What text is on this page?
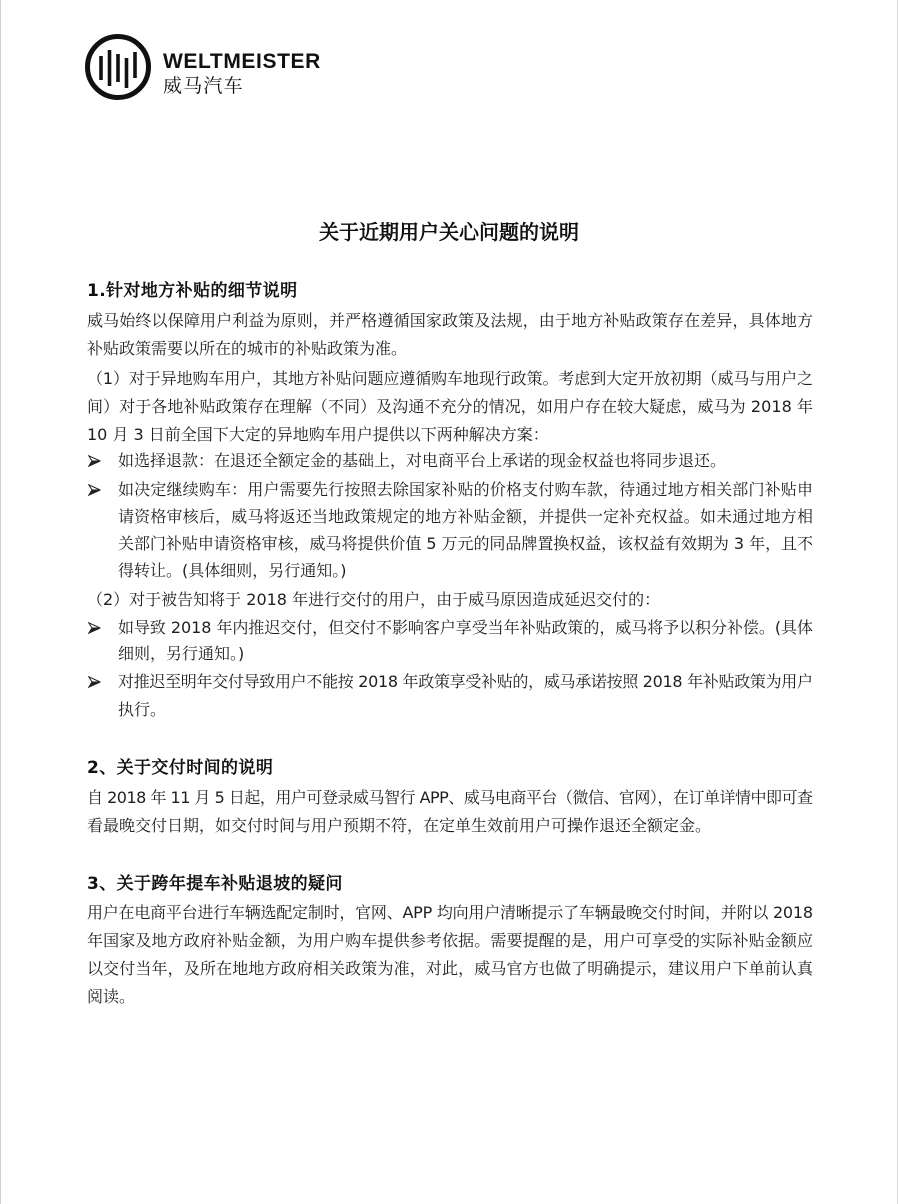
WELTMEISTER
威马汽车
关于近期用户关心问题的说明
1.针对地方补贴的细节说明
威马始终以保障用户利益为原则，并严格遵循国家政策及法规，由于地方补贴政策存在差异，具体地方
补贴政策需要以所在的城市的补贴政策为准。
（1）对于异地购车用户，其地方补贴问题应遵循购车地现行政策。考虑到大定开放初期（威马与用户之
间）对于各地补贴政策存在理解（不同）及沟通不充分的情况，如用户存在较大疑虑，威马为 2018 年
10 月 3 日前全国下大定的异地购车用户提供以下两种解决方案：
如选择退款：在退还全额定金的基础上，对电商平台上承诺的现金权益也将同步退还。
如决定继续购车：用户需要先行按照去除国家补贴的价格支付购车款，待通过地方相关部门补贴申
请资格审核后，威马将返还当地政策规定的地方补贴金额，并提供一定补充权益。如未通过地方相
关部门补贴申请资格审核，威马将提供价值 5 万元的同品牌置换权益，该权益有效期为 3 年，且不
得转让。(具体细则，另行通知。)
（2）对于被告知将于 2018 年进行交付的用户，由于威马原因造成延迟交付的：
如导致 2018 年内推迟交付，但交付不影响客户享受当年补贴政策的，威马将予以积分补偿。(具体
细则，另行通知。)
对推迟至明年交付导致用户不能按 2018 年政策享受补贴的，威马承诺按照 2018 年补贴政策为用户
执行。
2、关于交付时间的说明
自 2018 年 11 月 5 日起，用户可登录威马智行 APP、威马电商平台（微信、官网），在订单详情中即可查
看最晚交付日期，如交付时间与用户预期不符，在定单生效前用户可操作退还全额定金。
3、关于跨年提车补贴退坡的疑问
用户在电商平台进行车辆选配定制时，官网、APP 均向用户清晰提示了车辆最晚交付时间，并附以 2018
年国家及地方政府补贴金额，为用户购车提供参考依据。需要提醒的是，用户可享受的实际补贴金额应
以交付当年，及所在地地方政府相关政策为准，对此，威马官方也做了明确提示，建议用户下单前认真
阅读。
